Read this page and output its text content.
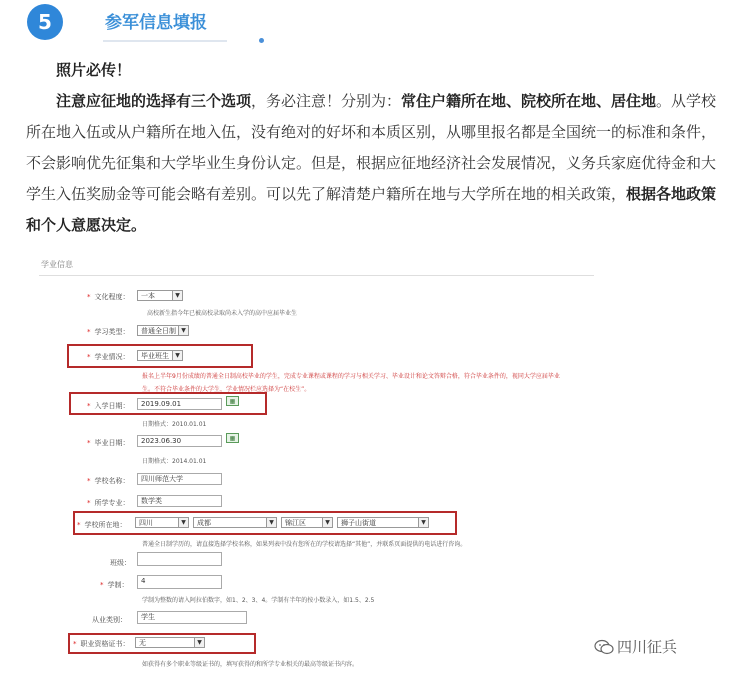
5	参军信息填报

照片必传！

注意应征地的选择有三个选项，务必注意！分别为：常住户籍所在地、院校所在地、居住地。从学校所在地入伍或从户籍所在地入伍，没有绝对的好坏和本质区别，从哪里报名都是全国统一的标准和条件，不会影响优先征集和大学毕业生身份认定。但是，根据应征地经济社会发展情况，义务兵家庭优待金和大学生入伍奖励金等可能会略有差别。可以先了解清楚户籍所在地与大学所在地的相关政策，根据各地政策和个人意愿决定。

学业信息
* 文化程度：	一本	▼
高校新生指今年已被高校录取尚未入学的高中应届毕业生
* 学习类型：	普通全日制 ▼
* 学业情况：	毕业班生	▼
报名上半年9月份成绩的普通全日制高校毕业的学生，完成专业课程或课程的学习与相关学习、毕业设计和论文答辩合格，符合毕业条件的，视同大学应届毕业
生。不符合毕业条件的大学生，学业情况栏应选择为“在校生”。
* 入学日期：	2019.09.01	▦
日期格式：2010.01.01
* 毕业日期：	2023.06.30	▦
日期格式：2014.01.01
* 学校名称：	四川师范大学
* 所学专业：	数学类
* 学校所在地：	四川	▼	成都	▼	锦江区	▼	狮子山街道	▼
普通全日制学历的，请直接选择学校名称，如果列表中没有您所在的学校请选择“其他”，并联系页面提供的电话进行咨询。
班级：
* 学制：	4
学制为整数的请入阿拉伯数字，如1、2、3、4。学制有半年的按小数录入，如1.5、2.5
从业类别：	学生
* 职业资格证书：	无	▼
如获得有多个职业等级证书的，填写获得的和所学专业相关的最高等级证书内容。
四川征兵
